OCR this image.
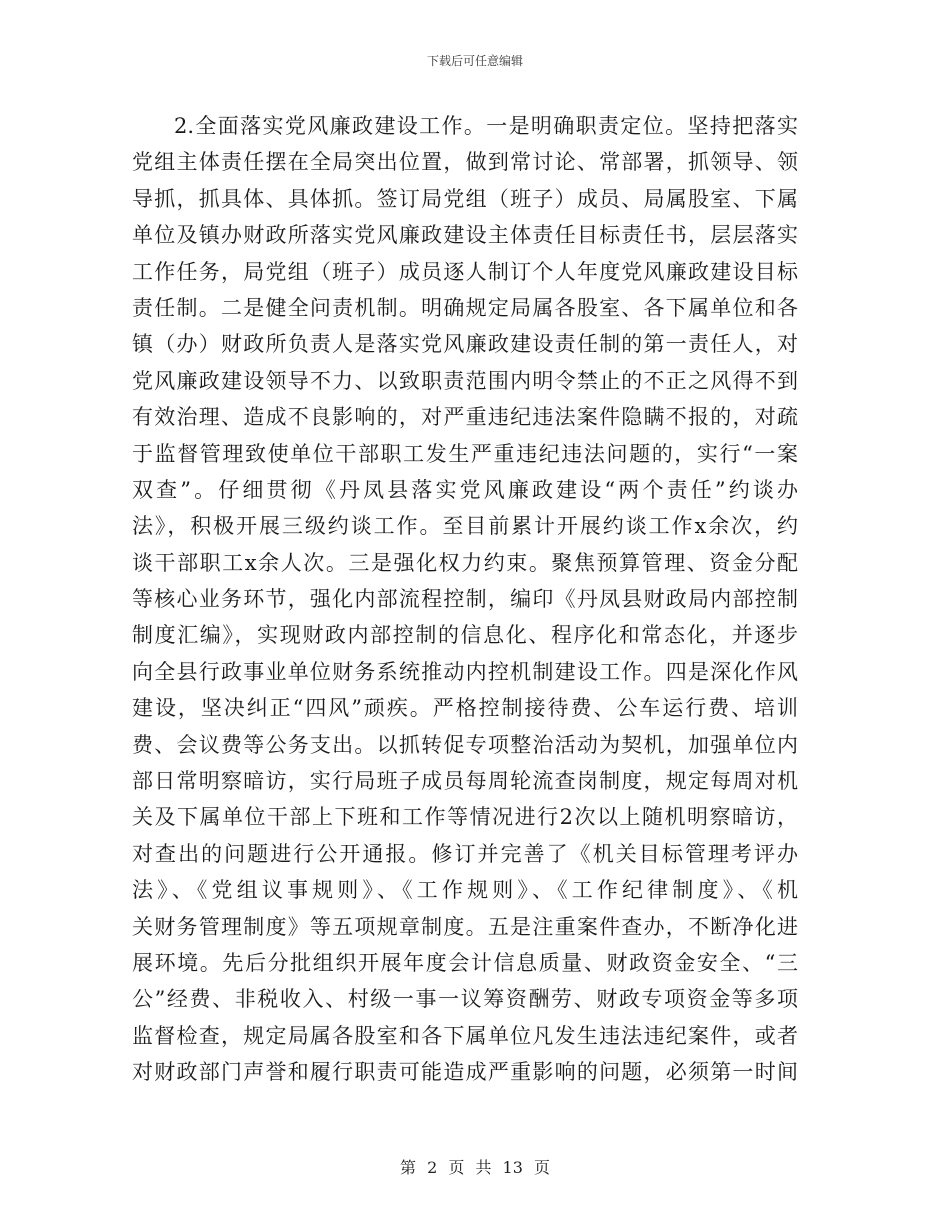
下载后可任意编辑
2.全面落实党风廉政建设工作。一是明确职责定位。坚持把落实
党组主体责任摆在全局突出位置，做到常讨论、常部署，抓领导、领
导抓，抓具体、具体抓。签订局党组（班子）成员、局属股室、下属
单位及镇办财政所落实党风廉政建设主体责任目标责任书，层层落实
工作任务，局党组（班子）成员逐人制订个人年度党风廉政建设目标
责任制。二是健全问责机制。明确规定局属各股室、各下属单位和各
镇（办）财政所负责人是落实党风廉政建设责任制的第一责任人，对
党风廉政建设领导不力、以致职责范围内明令禁止的不正之风得不到
有效治理、造成不良影响的，对严重违纪违法案件隐瞒不报的，对疏
于监督管理致使单位干部职工发生严重违纪违法问题的，实行“一案
双查”。仔细贯彻《丹凤县落实党风廉政建设“两个责任”约谈办
法》，积极开展三级约谈工作。至目前累计开展约谈工作x余次，约
谈干部职工x余人次。三是强化权力约束。聚焦预算管理、资金分配
等核心业务环节，强化内部流程控制，编印《丹凤县财政局内部控制
制度汇编》，实现财政内部控制的信息化、程序化和常态化，并逐步
向全县行政事业单位财务系统推动内控机制建设工作。四是深化作风
建设，坚决纠正“四风”顽疾。严格控制接待费、公车运行费、培训
费、会议费等公务支出。以抓转促专项整治活动为契机，加强单位内
部日常明察暗访，实行局班子成员每周轮流查岗制度，规定每周对机
关及下属单位干部上下班和工作等情况进行2次以上随机明察暗访，
对查出的问题进行公开通报。修订并完善了《机关目标管理考评办
法》、《党组议事规则》、《工作规则》、《工作纪律制度》、《机
关财务管理制度》等五项规章制度。五是注重案件查办，不断净化进
展环境。先后分批组织开展年度会计信息质量、财政资金安全、“三
公”经费、非税收入、村级一事一议筹资酬劳、财政专项资金等多项
监督检查，规定局属各股室和各下属单位凡发生违法违纪案件，或者
对财政部门声誉和履行职责可能造成严重影响的问题，必须第一时间
第 2 页 共 13 页
